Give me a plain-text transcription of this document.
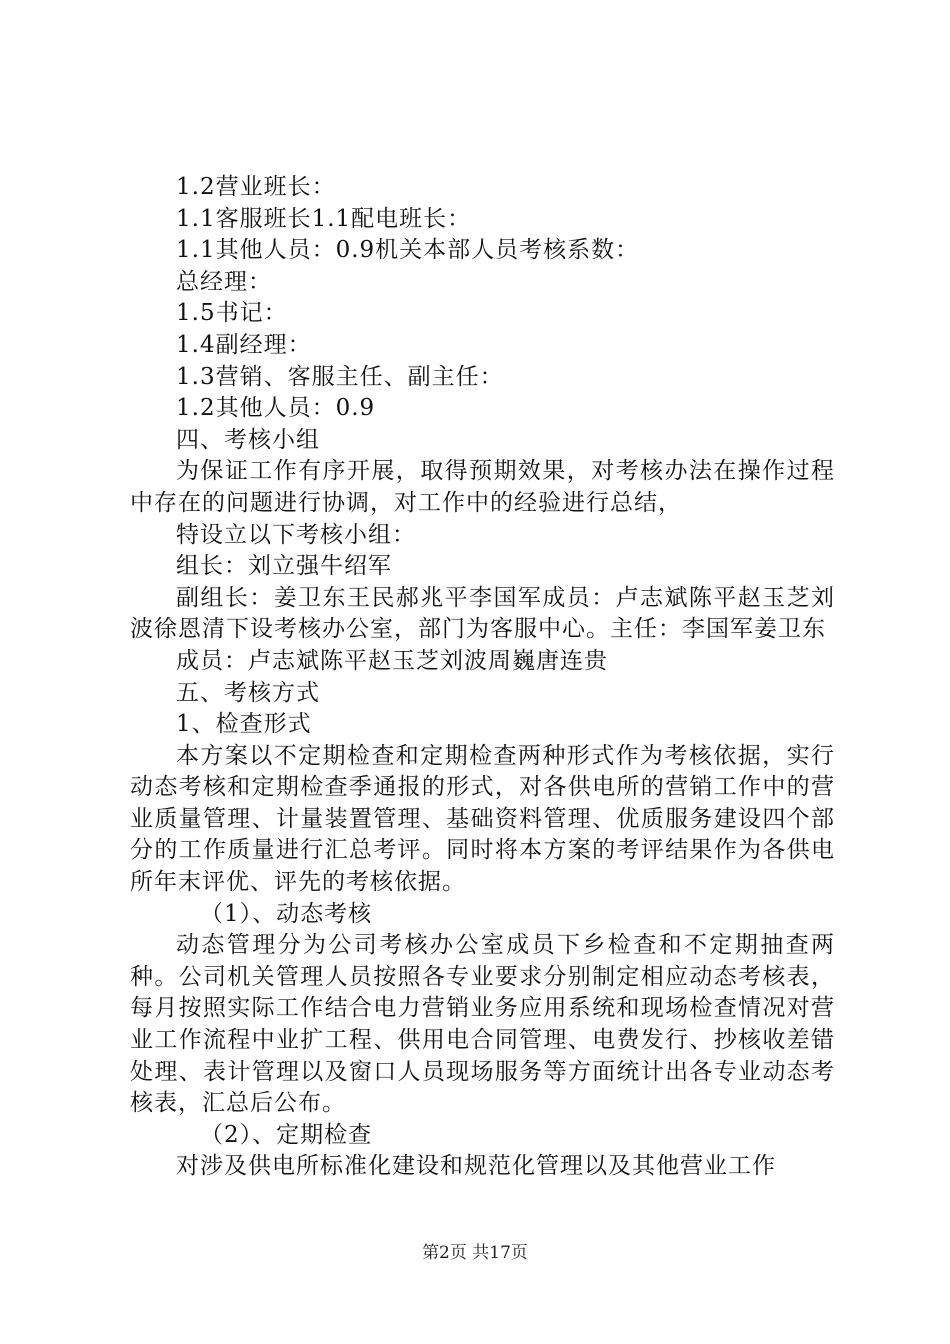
1.2营业班长：

1.1客服班长1.1配电班长：

1.1其他人员：0.9机关本部人员考核系数：

总经理：

1.5书记：

1.4副经理：

1.3营销、客服主任、副主任：

1.2其他人员：0.9

四、考核小组

为保证工作有序开展，取得预期效果，对考核办法在操作过程中存在的问题进行协调，对工作中的经验进行总结，

特设立以下考核小组：

组长：刘立强牛绍军

副组长：姜卫东王民郝兆平李国军成员：卢志斌陈平赵玉芝刘波徐恩清下设考核办公室，部门为客服中心。主任：李国军姜卫东

成员：卢志斌陈平赵玉芝刘波周巍唐连贵

五、考核方式

1、检查形式

本方案以不定期检查和定期检查两种形式作为考核依据，实行动态考核和定期检查季通报的形式，对各供电所的营销工作中的营业质量管理、计量装置管理、基础资料管理、优质服务建设四个部分的工作质量进行汇总考评。同时将本方案的考评结果作为各供电所年末评优、评先的考核依据。

（1）、动态考核

动态管理分为公司考核办公室成员下乡检查和不定期抽查两种。公司机关管理人员按照各专业要求分别制定相应动态考核表，每月按照实际工作结合电力营销业务应用系统和现场检查情况对营业工作流程中业扩工程、供用电合同管理、电费发行、抄核收差错处理、表计管理以及窗口人员现场服务等方面统计出各专业动态考核表，汇总后公布。

（2）、定期检查

对涉及供电所标准化建设和规范化管理以及其他营业工作

第2页 共17页
